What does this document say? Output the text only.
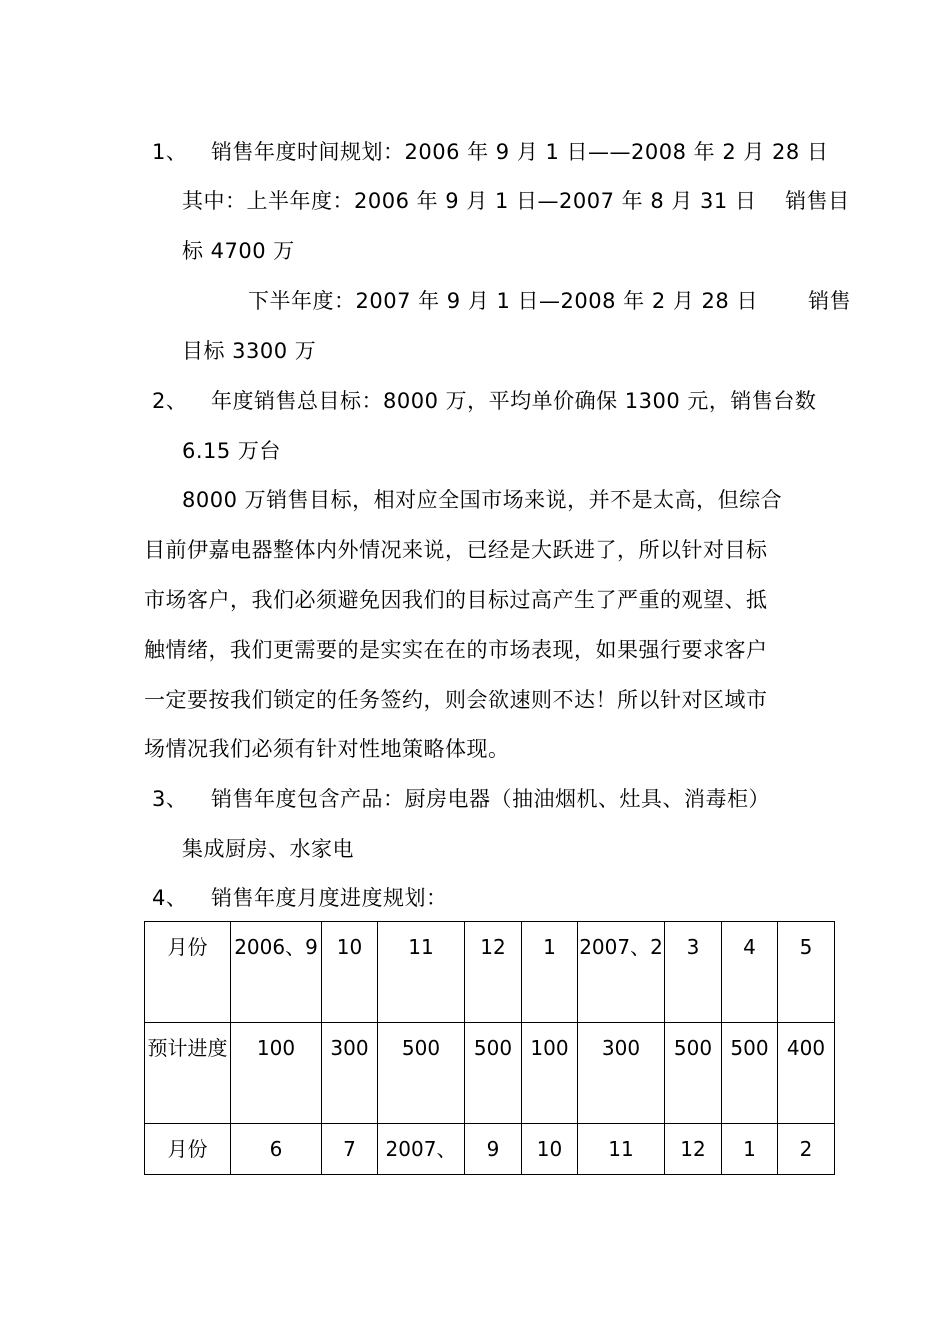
1、 销售年度时间规划：2006 年 9 月 1 日——2008 年 2 月 28 日
其中：上半年度：2006 年 9 月 1 日—2007 年 8 月 31 日　 销售目
标 4700 万
下半年度：2007 年 9 月 1 日—2008 年 2 月 28 日　 　销售
目标 3300 万
2、 年度销售总目标：8000 万，平均单价确保 1300 元，销售台数
6.15 万台
8000 万销售目标，相对应全国市场来说，并不是太高，但综合
目前伊嘉电器整体内外情况来说，已经是大跃进了，所以针对目标
市场客户，我们必须避免因我们的目标过高产生了严重的观望、抵
触情绪，我们更需要的是实实在在的市场表现，如果强行要求客户
一定要按我们锁定的任务签约，则会欲速则不达！所以针对区域市
场情况我们必须有针对性地策略体现。
3、 销售年度包含产品：厨房电器（抽油烟机、灶具、消毒柜）
集成厨房、水家电
4、 销售年度月度进度规划：
月份	2006、9	10	11	12	1	2007、2	3	4	5
预计进度	100	300	500	500	100	300	500	500	400
月份	6	7	2007、	9	10	11	12	1	2
